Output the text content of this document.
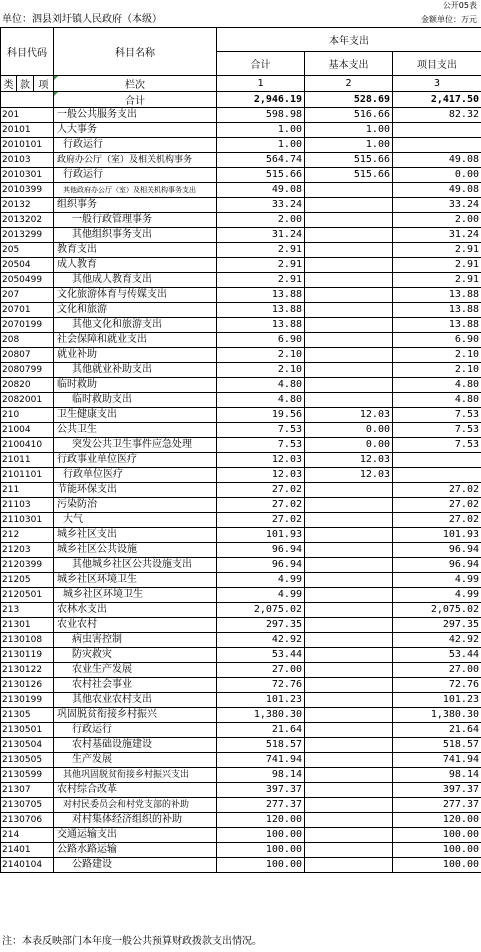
公开05表
单位：泗县刘圩镇人民政府（本级）	金额单位：万元
科目代码			科目名称	本年支出		
				合计	基本支出	项目支出

类	款	项		1	2	3
			栏次			
			合计	2,946.19	528.69	2,417.50
201			一般公共服务支出	598.98	516.66	82.32
20101			人大事务	1.00	1.00	
2010101			行政运行	1.00	1.00	
20103			政府办公厅（室）及相关机构事务	564.74	515.66	49.08
2010301			行政运行	515.66	515.66	0.00
2010399			其他政府办公厅（室）及相关机构事务支出	49.08		49.08
20132			组织事务	33.24		33.24
2013202			一般行政管理事务	2.00		2.00
2013299			其他组织事务支出	31.24		31.24
205			教育支出	2.91		2.91
20504			成人教育	2.91		2.91
2050499			其他成人教育支出	2.91		2.91
207			文化旅游体育与传媒支出	13.88		13.88
20701			文化和旅游	13.88		13.88
2070199			其他文化和旅游支出	13.88		13.88
208			社会保障和就业支出	6.90		6.90
20807			就业补助	2.10		2.10
2080799			其他就业补助支出	2.10		2.10
20820			临时救助	4.80		4.80
2082001			临时救助支出	4.80		4.80
210			卫生健康支出	19.56	12.03	7.53
21004			公共卫生	7.53	0.00	7.53
2100410			突发公共卫生事件应急处理	7.53	0.00	7.53
21011			行政事业单位医疗	12.03	12.03	
2101101			行政单位医疗	12.03	12.03	
211			节能环保支出	27.02		27.02
21103			污染防治	27.02		27.02
2110301			大气	27.02		27.02
212			城乡社区支出	101.93		101.93
21203			城乡社区公共设施	96.94		96.94
2120399			其他城乡社区公共设施支出	96.94		96.94
21205			城乡社区环境卫生	4.99		4.99
2120501			城乡社区环境卫生	4.99		4.99
213			农林水支出	2,075.02		2,075.02
21301			农业农村	297.35		297.35
2130108			病虫害控制	42.92		42.92
2130119			防灾救灾	53.44		53.44
2130122			农业生产发展	27.00		27.00
2130126			农村社会事业	72.76		72.76
2130199			其他农业农村支出	101.23		101.23
21305			巩固脱贫衔接乡村振兴	1,380.30		1,380.30
2130501			行政运行	21.64		21.64
2130504			农村基础设施建设	518.57		518.57
2130505			生产发展	741.94		741.94
2130599			其他巩固脱贫衔接乡村振兴支出	98.14		98.14
21307			农村综合改革	397.37		397.37
2130705			对村民委员会和村党支部的补助	277.37		277.37
2130706			对村集体经济组织的补助	120.00		120.00
214			交通运输支出	100.00		100.00
21401			公路水路运输	100.00		100.00
2140104			公路建设	100.00		100.00
注：本表反映部门本年度一般公共预算财政拨款支出情况。
